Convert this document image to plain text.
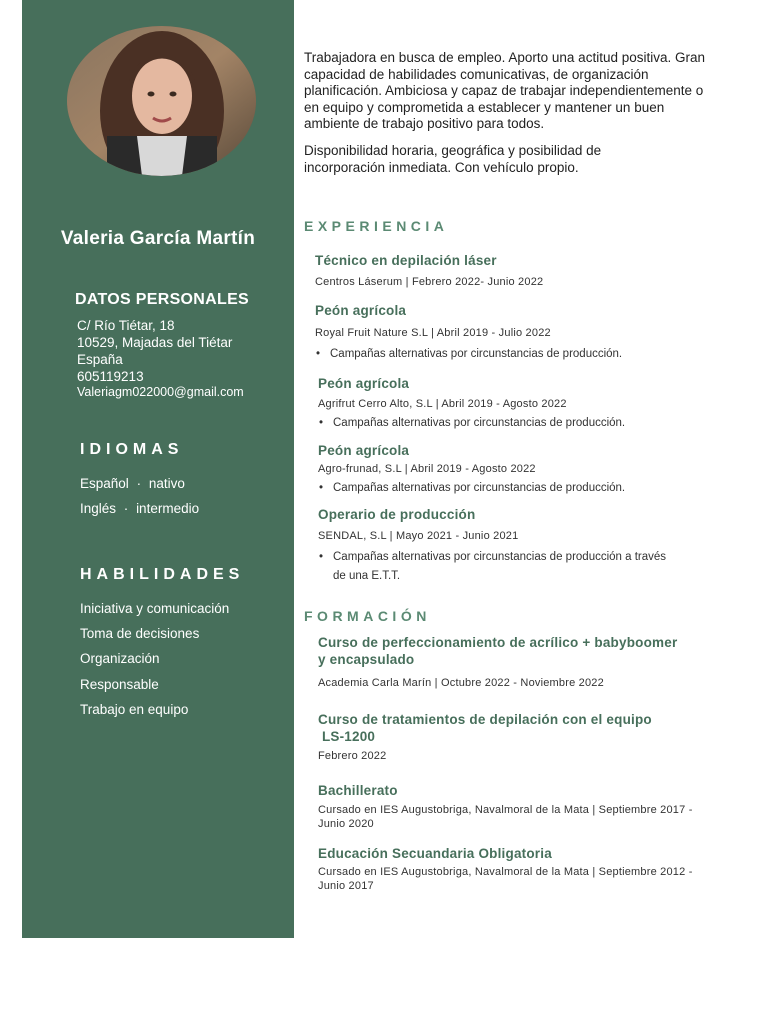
Valeria García Martín
DATOS PERSONALES
C/ Río Tiétar, 18
10529, Majadas del Tiétar
España
605119213
Valeriagm022000@gmail.com
IDIOMAS
Español · nativo
Inglés · intermedio
HABILIDADES
Iniciativa y comunicación
Toma de decisiones
Organización
Responsable
Trabajo en equipo
Trabajadora en busca de empleo. Aporto una actitud positiva. Gran
capacidad de habilidades comunicativas, de organización
planificación. Ambiciosa y capaz de trabajar independientemente o
en equipo y comprometida a establecer y mantener un buen
ambiente de trabajo positivo para todos.
Disponibilidad horaria, geográfica y posibilidad de
incorporación inmediata. Con vehículo propio.
EXPERIENCIA
Técnico en depilación láser
Centros Láserum | Febrero 2022- Junio 2022
Peón agrícola
Royal Fruit Nature S.L | Abril 2019 - Julio 2022
• Campañas alternativas por circunstancias de producción.
Peón agrícola
Agrifrut Cerro Alto, S.L | Abril 2019 - Agosto 2022
• Campañas alternativas por circunstancias de producción.
Peón agrícola
Agro-frunad, S.L | Abril 2019 - Agosto 2022
• Campañas alternativas por circunstancias de producción.
Operario de producción
SENDAL, S.L | Mayo 2021 - Junio 2021
• Campañas alternativas por circunstancias de producción a través
de una E.T.T.
FORMACIÓN
Curso de perfeccionamiento de acrílico + babyboomer
y encapsulado
Academia Carla Marín | Octubre 2022 - Noviembre 2022
Curso de tratamientos de depilación con el equipo
LS-1200
Febrero 2022
Bachillerato
Cursado en IES Augustobriga, Navalmoral de la Mata | Septiembre 2017 -
Junio 2020
Educación Secuandaria Obligatoria
Cursado en IES Augustobriga, Navalmoral de la Mata | Septiembre 2012 -
Junio 2017
